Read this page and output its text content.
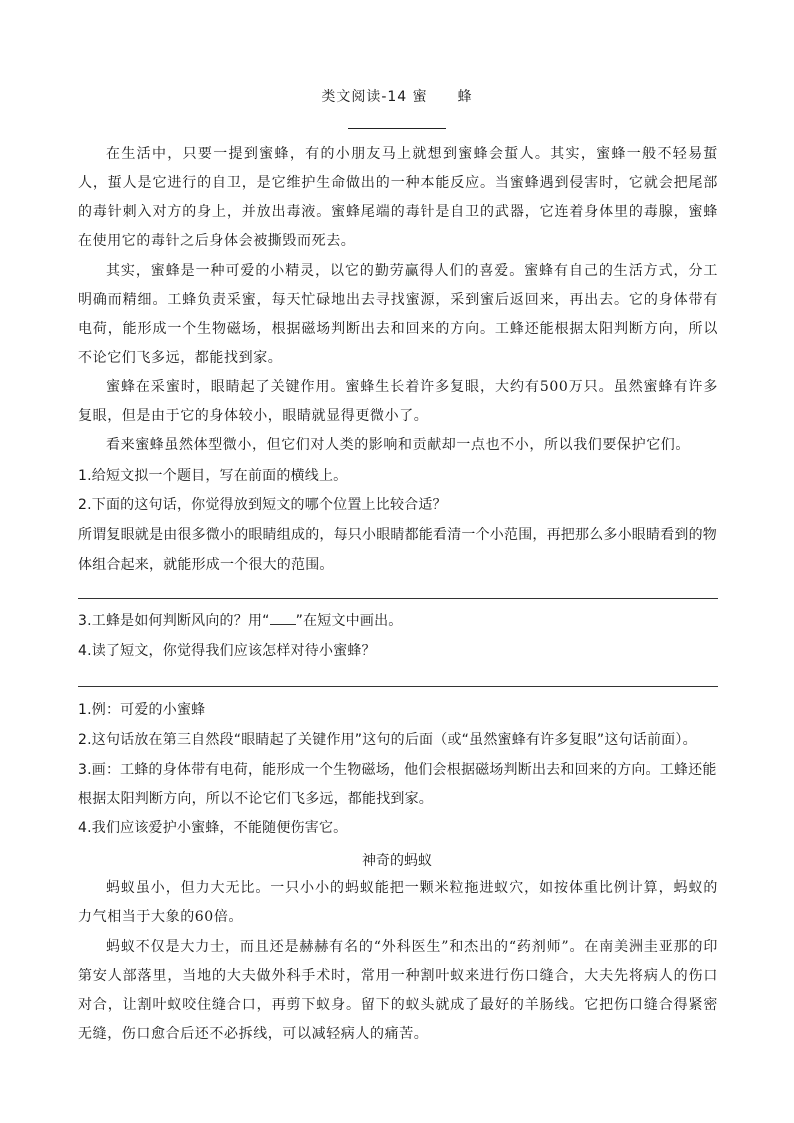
类文阅读-14 蜜 蜂

在生活中，只要一提到蜜蜂，有的小朋友马上就想到蜜蜂会蜇人。其实，蜜蜂一般不轻易蜇人，蜇人是它进行的自卫，是它维护生命做出的一种本能反应。当蜜蜂遇到侵害时，它就会把尾部的毒针刺入对方的身上，并放出毒液。蜜蜂尾端的毒针是自卫的武器，它连着身体里的毒腺，蜜蜂在使用它的毒针之后身体会被撕毁而死去。

其实，蜜蜂是一种可爱的小精灵，以它的勤劳赢得人们的喜爱。蜜蜂有自己的生活方式，分工明确而精细。工蜂负责采蜜，每天忙碌地出去寻找蜜源，采到蜜后返回来，再出去。它的身体带有电荷，能形成一个生物磁场，根据磁场判断出去和回来的方向。工蜂还能根据太阳判断方向，所以不论它们飞多远，都能找到家。

蜜蜂在采蜜时，眼睛起了关键作用。蜜蜂生长着许多复眼，大约有500万只。虽然蜜蜂有许多复眼，但是由于它的身体较小，眼睛就显得更微小了。

看来蜜蜂虽然体型微小，但它们对人类的影响和贡献却一点也不小，所以我们要保护它们。

1.给短文拟一个题目，写在前面的横线上。

2.下面的这句话，你觉得放到短文的哪个位置上比较合适？

所谓复眼就是由很多微小的眼睛组成的，每只小眼睛都能看清一个小范围，再把那么多小眼睛看到的物体组合起来，就能形成一个很大的范围。

3.工蜂是如何判断风向的？用“ ”在短文中画出。

4.读了短文，你觉得我们应该怎样对待小蜜蜂？

1.例：可爱的小蜜蜂

2.这句话放在第三自然段“眼睛起了关键作用”这句的后面（或“虽然蜜蜂有许多复眼”这句话前面）。

3.画：工蜂的身体带有电荷，能形成一个生物磁场，他们会根据磁场判断出去和回来的方向。工蜂还能根据太阳判断方向，所以不论它们飞多远，都能找到家。

4.我们应该爱护小蜜蜂，不能随便伤害它。

神奇的蚂蚁

蚂蚁虽小，但力大无比。一只小小的蚂蚁能把一颗米粒拖进蚁穴，如按体重比例计算，蚂蚁的力气相当于大象的60倍。

蚂蚁不仅是大力士，而且还是赫赫有名的“外科医生”和杰出的“药剂师”。在南美洲圭亚那的印第安人部落里，当地的大夫做外科手术时，常用一种割叶蚁来进行伤口缝合，大夫先将病人的伤口对合，让割叶蚁咬住缝合口，再剪下蚁身。留下的蚁头就成了最好的羊肠线。它把伤口缝合得紧密无缝，伤口愈合后还不必拆线，可以减轻病人的痛苦。
